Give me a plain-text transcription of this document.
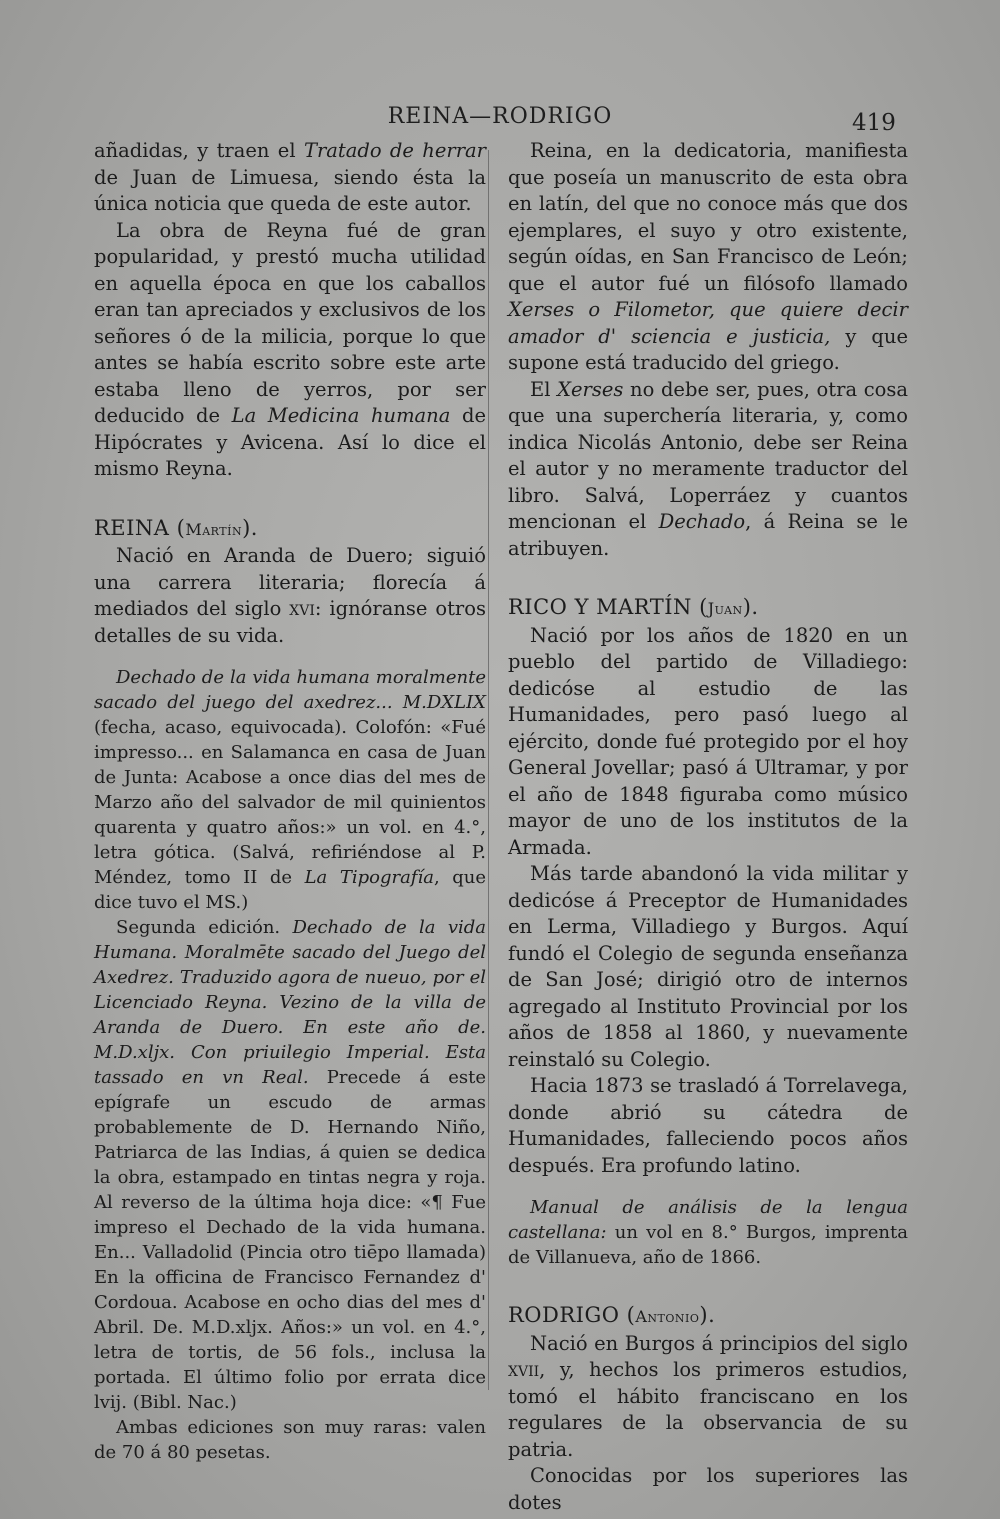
REINA—RODRIGO	419

añadidas, y traen el Tratado de herrar de Juan de Limuesa, siendo ésta la única noticia que queda de este autor.

La obra de Reyna fué de gran popularidad, y prestó mucha utilidad en aquella época en que los caballos eran tan apreciados y exclusivos de los señores ó de la milicia, porque lo que antes se había escrito sobre este arte estaba lleno de yerros, por ser deducido de La Medicina humana de Hipócrates y Avicena. Así lo dice el mismo Reyna.

REINA (Martín).

Nació en Aranda de Duero; siguió una carrera literaria; florecía á mediados del siglo xvi: ignóranse otros detalles de su vida.

Dechado de la vida humana moralmente sacado del juego del axedrez... M.DXLIX (fecha, acaso, equivocada). Colofón: «Fué impresso... en Salamanca en casa de Juan de Junta: Acabose a once dias del mes de Marzo año del salvador de mil quinientos quarenta y quatro años:» un vol. en 4.°, letra gótica. (Salvá, refiriéndose al P. Méndez, tomo II de La Tipografía, que dice tuvo el MS.)

Segunda edición. Dechado de la vida Humana. Moralmēte sacado del Juego del Axedrez. Traduzido agora de nueuo, por el Licenciado Reyna. Vezino de la villa de Aranda de Duero. En este año de. M.D.xljx. Con priuilegio Imperial. Esta tassado en vn Real. Precede á este epígrafe un escudo de armas probablemente de D. Hernando Niño, Patriarca de las Indias, á quien se dedica la obra, estampado en tintas negra y roja. Al reverso de la última hoja dice: «¶ Fue impreso el Dechado de la vida humana. En... Valladolid (Pincia otro tiēpo llamada) En la officina de Francisco Fernandez d' Cordoua. Acabose en ocho dias del mes d' Abril. De. M.D.xljx. Años:» un vol. en 4.°, letra de tortis, de 56 fols., inclusa la portada. El último folio por errata dice lvij. (Bibl. Nac.)

Ambas ediciones son muy raras: valen de 70 á 80 pesetas.

Reina, en la dedicatoria, manifiesta que poseía un manuscrito de esta obra en latín, del que no conoce más que dos ejemplares, el suyo y otro existente, según oídas, en San Francisco de León; que el autor fué un filósofo llamado Xerses o Filometor, que quiere decir amador d' sciencia e justicia, y que supone está traducido del griego.

El Xerses no debe ser, pues, otra cosa que una superchería literaria, y, como indica Nicolás Antonio, debe ser Reina el autor y no meramente traductor del libro. Salvá, Loperráez y cuantos mencionan el Dechado, á Reina se le atribuyen.

RICO Y MARTÍN (Juan).

Nació por los años de 1820 en un pueblo del partido de Villadiego: dedicóse al estudio de las Humanidades, pero pasó luego al ejército, donde fué protegido por el hoy General Jovellar; pasó á Ultramar, y por el año de 1848 figuraba como músico mayor de uno de los institutos de la Armada.

Más tarde abandonó la vida militar y dedicóse á Preceptor de Humanidades en Lerma, Villadiego y Burgos. Aquí fundó el Colegio de segunda enseñanza de San José; dirigió otro de internos agregado al Instituto Provincial por los años de 1858 al 1860, y nuevamente reinstaló su Colegio.

Hacia 1873 se trasladó á Torrelavega, donde abrió su cátedra de Humanidades, falleciendo pocos años después. Era profundo latino.

Manual de análisis de la lengua castellana: un vol en 8.° Burgos, imprenta de Villanueva, año de 1866.

RODRIGO (Antonio).

Nació en Burgos á principios del siglo xvii, y, hechos los primeros estudios, tomó el hábito franciscano en los regulares de la observancia de su patria.

Conocidas por los superiores las dotes
